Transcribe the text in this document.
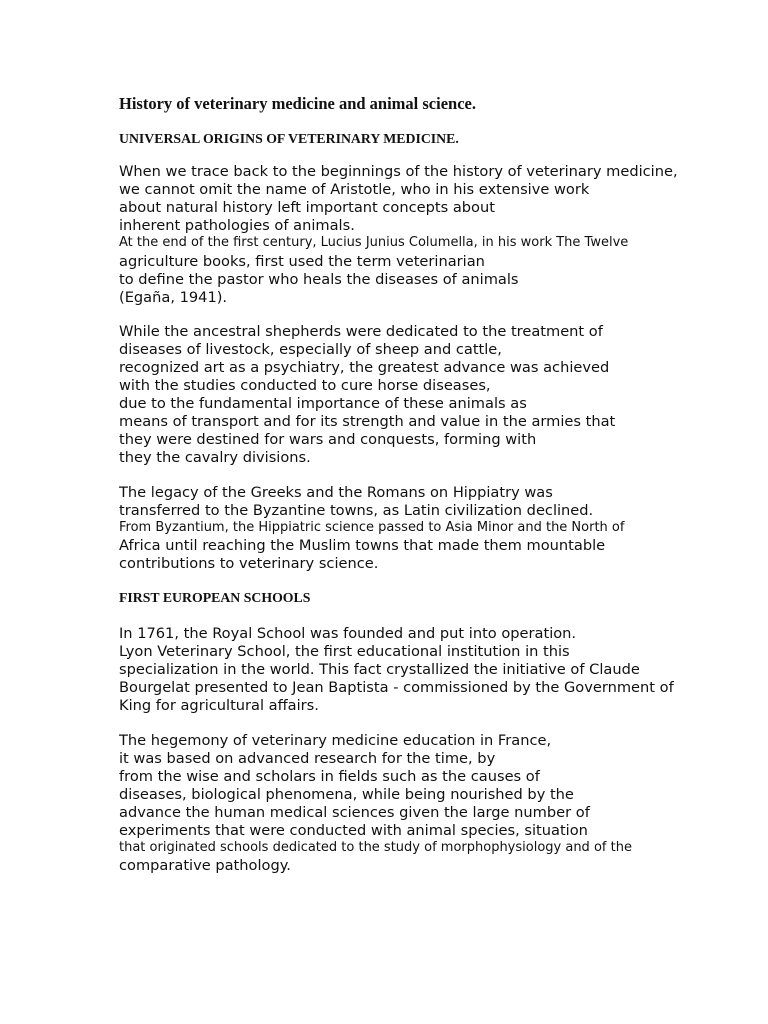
History of veterinary medicine and animal science.
UNIVERSAL ORIGINS OF VETERINARY MEDICINE.
When we trace back to the beginnings of the history of veterinary medicine,
we cannot omit the name of Aristotle, who in his extensive work
about natural history left important concepts about
inherent pathologies of animals.
At the end of the first century, Lucius Junius Columella, in his work The Twelve
agriculture books, first used the term veterinarian
to define the pastor who heals the diseases of animals
(Egaña, 1941).
While the ancestral shepherds were dedicated to the treatment of
diseases of livestock, especially of sheep and cattle,
recognized art as a psychiatry, the greatest advance was achieved
with the studies conducted to cure horse diseases,
due to the fundamental importance of these animals as
means of transport and for its strength and value in the armies that
they were destined for wars and conquests, forming with
they the cavalry divisions.
The legacy of the Greeks and the Romans on Hippiatry was
transferred to the Byzantine towns, as Latin civilization declined.
From Byzantium, the Hippiatric science passed to Asia Minor and the North of
Africa until reaching the Muslim towns that made them mountable
contributions to veterinary science.
FIRST EUROPEAN SCHOOLS
In 1761, the Royal School was founded and put into operation.
Lyon Veterinary School, the first educational institution in this
specialization in the world. This fact crystallized the initiative of Claude
Bourgelat presented to Jean Baptista - commissioned by the Government of
King for agricultural affairs.
The hegemony of veterinary medicine education in France,
it was based on advanced research for the time, by
from the wise and scholars in fields such as the causes of
diseases, biological phenomena, while being nourished by the
advance the human medical sciences given the large number of
experiments that were conducted with animal species, situation
that originated schools dedicated to the study of morphophysiology and of the
comparative pathology.
